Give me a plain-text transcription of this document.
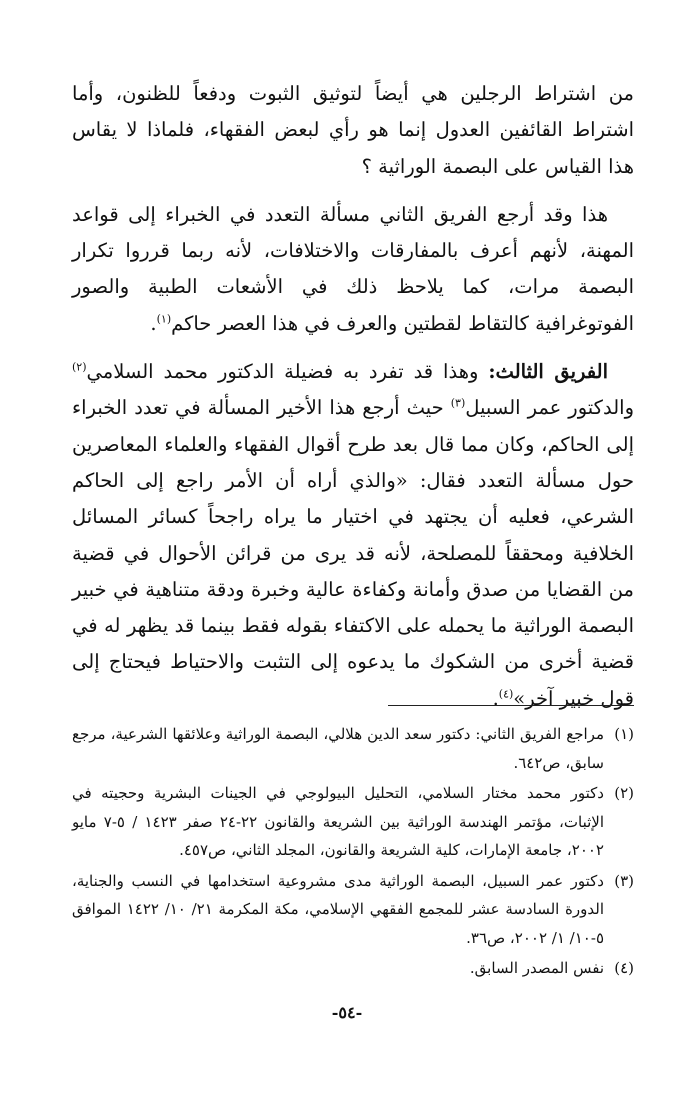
من اشتراط الرجلين هي أيضاً لتوثيق الثبوت ودفعاً للظنون، وأما اشتراط القائفين العدول إنما هو رأي لبعض الفقهاء، فلماذا لا يقاس هذا القياس على البصمة الوراثية ؟

هذا وقد أرجع الفريق الثاني مسألة التعدد في الخبراء إلى قواعد المهنة، لأنهم أعرف بالمفارقات والاختلافات، لأنه ربما قرروا تكرار البصمة مرات، كما يلاحظ ذلك في الأشعات الطبية والصور الفوتوغرافية كالتقاط لقطتين والعرف في هذا العصر حاكم$^{(١)}$.

الفريق الثالث: وهذا قد تفرد به فضيلة الدكتور محمد السلامي$^{(٢)}$ والدكتور عمر السبيل$^{(٣)}$ حيث أرجع هذا الأخير المسألة في تعدد الخبراء إلى الحاكم، وكان مما قال بعد طرح أقوال الفقهاء والعلماء المعاصرين حول مسألة التعدد فقال: «والذي أراه أن الأمر راجع إلى الحاكم الشرعي، فعليه أن يجتهد في اختيار ما يراه راجحاً كسائر المسائل الخلافية ومحققاً للمصلحة، لأنه قد يرى من قرائن الأحوال في قضية من القضايا من صدق وأمانة وكفاءة عالية وخبرة ودقة متناهية في خبير البصمة الوراثية ما يحمله على الاكتفاء بقوله فقط بينما قد يظهر له في قضية أخرى من الشكوك ما يدعوه إلى التثبت والاحتياط فيحتاج إلى قول خبير آخر»$^{(٤)}$.

(١)مراجع الفريق الثاني: دكتور سعد الدين هلالي، البصمة الوراثية وعلائقها الشرعية، مرجع سابق، ص٦٤٢.

(٢)دكتور محمد مختار السلامي، التحليل البيولوجي في الجينات البشرية وحجيته في الإثبات، مؤتمر الهندسة الوراثية بين الشريعة والقانون ٢٢-٢٤ صفر ١٤٢٣ / ٥-٧ مايو ٢٠٠٢، جامعة الإمارات، كلية الشريعة والقانون، المجلد الثاني، ص٤٥٧.

(٣)دكتور عمر السبيل، البصمة الوراثية مدى مشروعية استخدامها في النسب والجناية، الدورة السادسة عشر للمجمع الفقهي الإسلامي، مكة المكرمة ٢١/ ١٠/ ١٤٢٢ الموافق ٥-١٠/ ١/ ٢٠٠٢، ص٣٦.

(٤)نفس المصدر السابق.

-٥٤-
